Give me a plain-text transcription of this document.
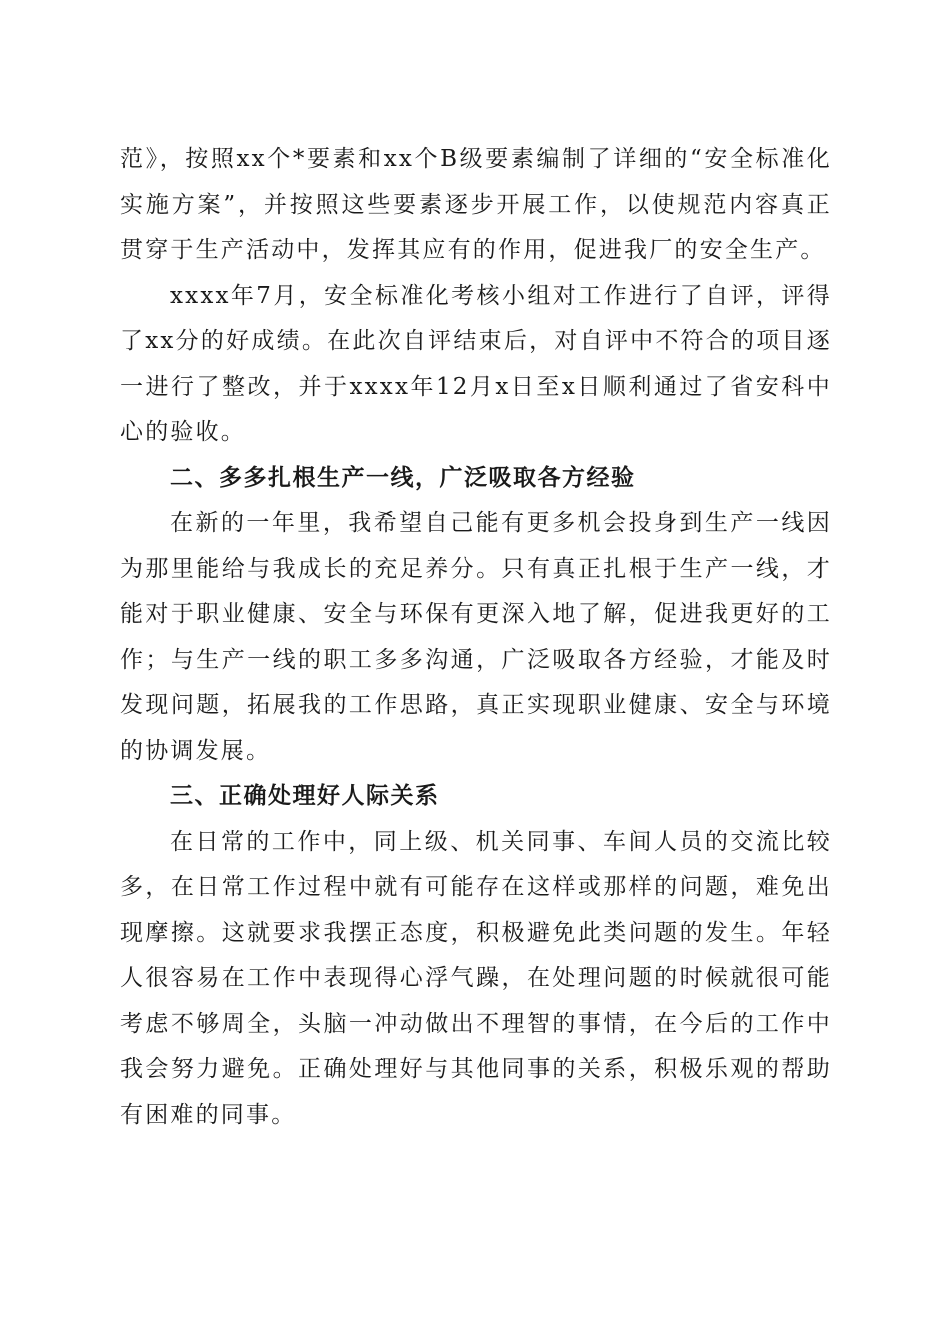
范》，按照xx个*要素和xx个B级要素编制了详细的“安全标准化实施方案”，并按照这些要素逐步开展工作，以使规范内容真正贯穿于生产活动中，发挥其应有的作用，促进我厂的安全生产。

xxxx年7月，安全标准化考核小组对工作进行了自评，评得了xx分的好成绩。在此次自评结束后，对自评中不符合的项目逐一进行了整改，并于xxxx年12月x日至x日顺利通过了省安科中心的验收。

二、多多扎根生产一线，广泛吸取各方经验

在新的一年里，我希望自己能有更多机会投身到生产一线因为那里能给与我成长的充足养分。只有真正扎根于生产一线，才能对于职业健康、安全与环保有更深入地了解，促进我更好的工作；与生产一线的职工多多沟通，广泛吸取各方经验，才能及时发现问题，拓展我的工作思路，真正实现职业健康、安全与环境的协调发展。

三、正确处理好人际关系

在日常的工作中，同上级、机关同事、车间人员的交流比较多，在日常工作过程中就有可能存在这样或那样的问题，难免出现摩擦。这就要求我摆正态度，积极避免此类问题的发生。年轻人很容易在工作中表现得心浮气躁，在处理问题的时候就很可能考虑不够周全，头脑一冲动做出不理智的事情，在今后的工作中我会努力避免。正确处理好与其他同事的关系，积极乐观的帮助有困难的同事。
